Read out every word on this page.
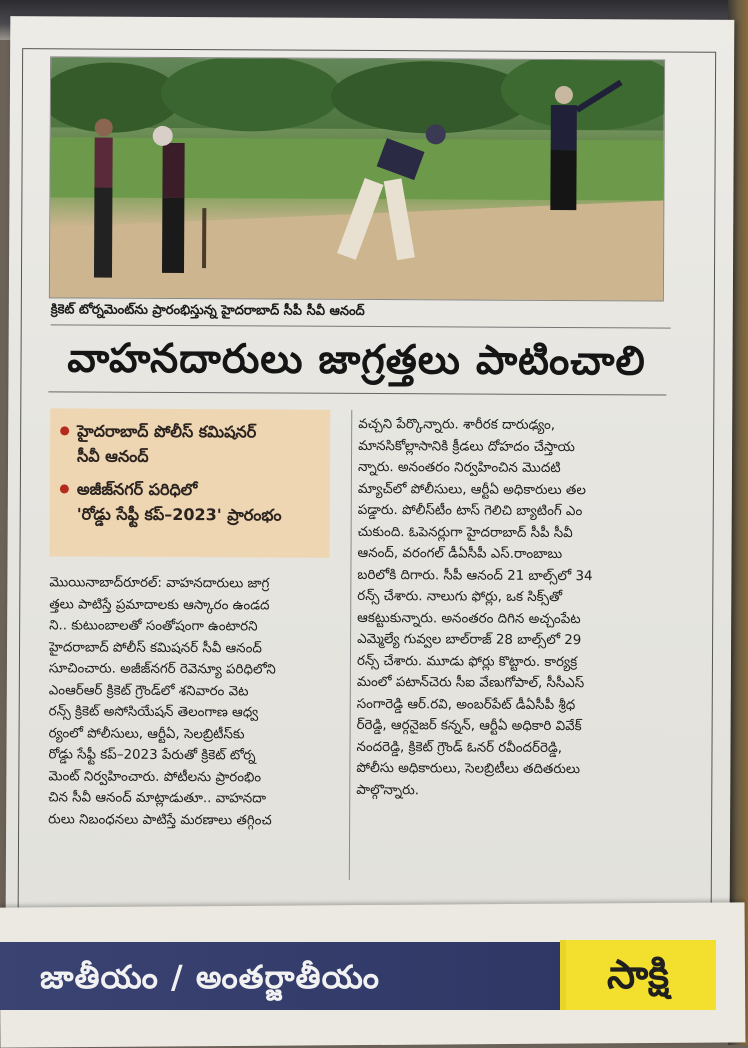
క్రికెట్ టోర్నమెంట్‌ను ప్రారంభిస్తున్న హైదరాబాద్ సీపీ సీవీ ఆనంద్
వాహనదారులు జాగ్రత్తలు పాటించాలి
హైదరాబాద్ పోలీస్ కమిషనర్
సీవీ ఆనంద్
అజీజ్‌నగర్ పరిధిలో
'రోడ్డు సేఫ్టీ కప్–2023' ప్రారంభం
మొయినాబాద్‌రూరల్: వాహనదారులు జాగ్ర
త్తలు పాటిస్తే ప్రమాదాలకు ఆస్కారం ఉండద
ని.. కుటుంబాలతో సంతోషంగా ఉంటారని
హైదరాబాద్ పోలీస్ కమిషనర్ సీవీ ఆనంద్
సూచించారు. అజీజ్‌నగర్ రెవెన్యూ పరిధిలోని
ఎంఆర్ఆర్ క్రికెట్ గ్రౌండ్‌లో శనివారం వెట
రన్స్ క్రికెట్ అసోసియేషన్ తెలంగాణ ఆధ్వ
ర్యంలో పోలీసులు, ఆర్టీఏ, సెలబ్రిటీస్‌కు
రోడ్డు సేఫ్టీ కప్–2023 పేరుతో క్రికెట్ టోర్న
మెంట్ నిర్వహించారు. పోటీలను ప్రారంభిం
చిన సీవీ ఆనంద్ మాట్లాడుతూ.. వాహనదా
రులు నిబంధనలు పాటిస్తే మరణాలు తగ్గించ
వచ్చని పేర్కొన్నారు. శారీరక దారుఢ్యం,
మానసికోల్లాసానికి క్రీడలు దోహదం చేస్తాయ
న్నారు. అనంతరం నిర్వహించిన మొదటి
మ్యాచ్‌లో పోలీసులు, ఆర్టీఏ అధికారులు తల
పడ్డారు. పోలీస్‌టీం టాస్ గెలిచి బ్యాటింగ్ ఎం
చుకుంది. ఓపెనర్లుగా హైదరాబాద్ సీపీ సీవీ
ఆనంద్, వరంగల్ డీఏసీపీ ఎస్.రాంబాబు
బరిలోకి దిగారు. సీపీ ఆనంద్ 21 బాల్స్‌లో 34
రన్స్ చేశారు. నాలుగు ఫోర్లు, ఒక సిక్స్‌తో
ఆకట్టుకున్నారు. అనంతరం దిగిన అచ్చంపేట
ఎమ్మెల్యే గువ్వల బాల్‌రాజ్ 28 బాల్స్‌లో 29
రన్స్ చేశారు. మూడు ఫోర్లు కొట్టారు. కార్యక్ర
మంలో పటాన్‌చెరు సీఐ వేణుగోపాల్, సీసీఎస్
సంగారెడ్డి ఆర్.రవి, అంబర్‌పేట్ డీఏసీపీ శ్రీధ
ర్‌రెడ్డి, ఆర్గనైజర్ కన్నన్, ఆర్టీఏ అధికారి వివేక్
నందరెడ్డి, క్రికెట్ గ్రౌండ్ ఓనర్ రవీందర్‌రెడ్డి,
పోలీసు అధికారులు, సెలబ్రిటీలు తదితరులు
పాల్గొన్నారు.
జాతీయం / అంతర్జాతీయం	సాక్షి
